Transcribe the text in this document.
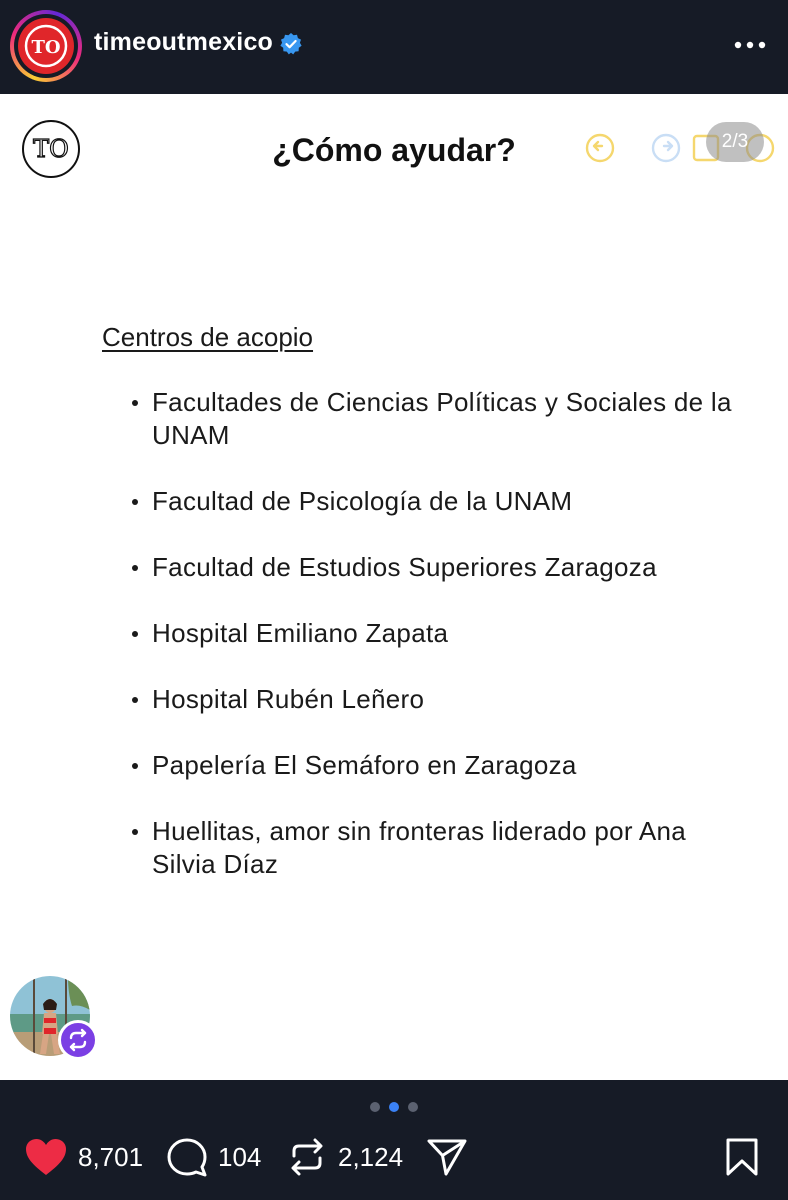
TO timeoutmexico
TO	¿Cómo ayudar?	2/3
Centros de acopio
Facultades de Ciencias Políticas y Sociales de la UNAM
Facultad de Psicología de la UNAM
Facultad de Estudios Superiores Zaragoza
Hospital Emiliano Zapata
Hospital Rubén Leñero
Papelería El Semáforo en Zaragoza
Huellitas, amor sin fronteras liderado por Ana Silvia Díaz
8,701	104	2,124
